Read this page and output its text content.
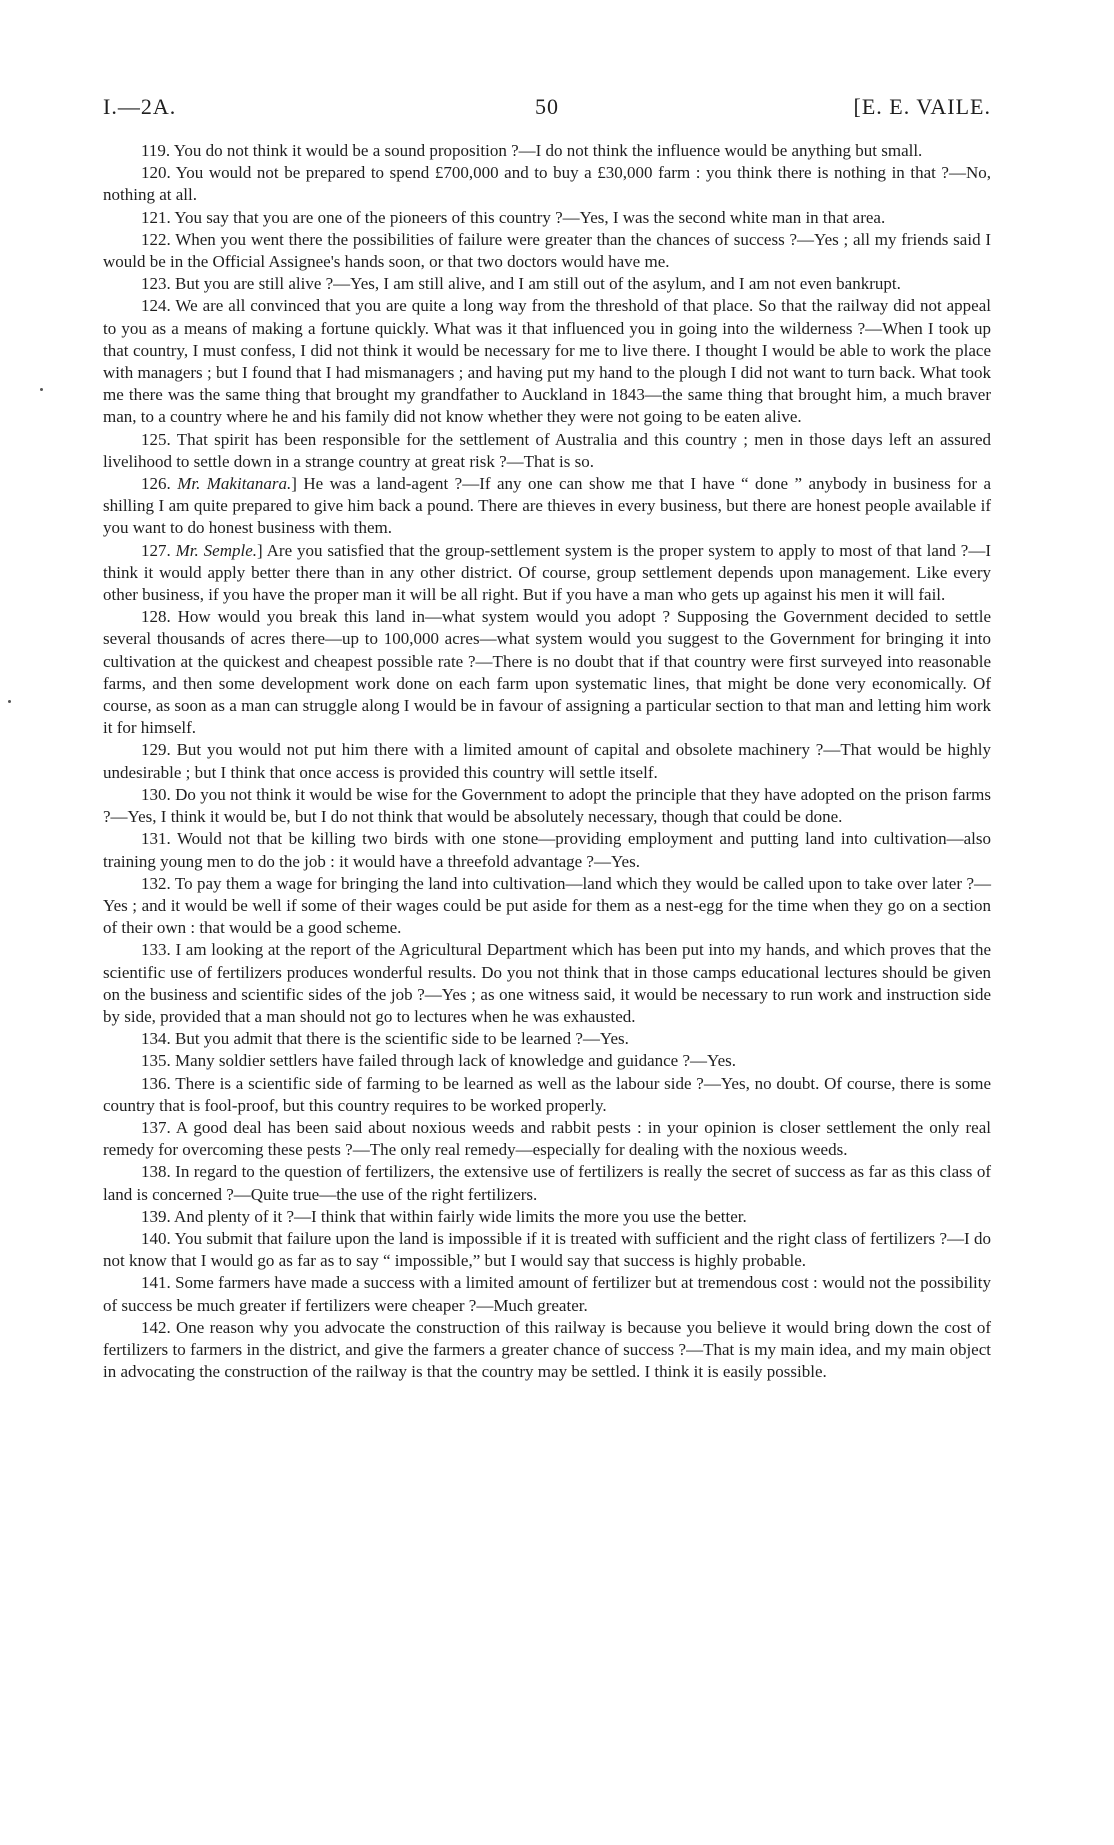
I.—2A.	50	[E. E. VAILE.

119. You do not think it would be a sound proposition ?—I do not think the influence would be anything but small.

120. You would not be prepared to spend £700,000 and to buy a £30,000 farm : you think there is nothing in that ?—No, nothing at all.

121. You say that you are one of the pioneers of this country ?—Yes, I was the second white man in that area.

122. When you went there the possibilities of failure were greater than the chances of success ?—Yes ; all my friends said I would be in the Official Assignee's hands soon, or that two doctors would have me.

123. But you are still alive ?—Yes, I am still alive, and I am still out of the asylum, and I am not even bankrupt.

124. We are all convinced that you are quite a long way from the threshold of that place. So that the railway did not appeal to you as a means of making a fortune quickly. What was it that influenced you in going into the wilderness ?—When I took up that country, I must confess, I did not think it would be necessary for me to live there. I thought I would be able to work the place with managers ; but I found that I had mismanagers ; and having put my hand to the plough I did not want to turn back. What took me there was the same thing that brought my grandfather to Auckland in 1843—the same thing that brought him, a much braver man, to a country where he and his family did not know whether they were not going to be eaten alive.

125. That spirit has been responsible for the settlement of Australia and this country ; men in those days left an assured livelihood to settle down in a strange country at great risk ?—That is so.

126. Mr. Makitanara.] He was a land-agent ?—If any one can show me that I have “ done ” anybody in business for a shilling I am quite prepared to give him back a pound. There are thieves in every business, but there are honest people available if you want to do honest business with them.

127. Mr. Semple.] Are you satisfied that the group-settlement system is the proper system to apply to most of that land ?—I think it would apply better there than in any other district. Of course, group settlement depends upon management. Like every other business, if you have the proper man it will be all right. But if you have a man who gets up against his men it will fail.

128. How would you break this land in—what system would you adopt ? Supposing the Government decided to settle several thousands of acres there—up to 100,000 acres—what system would you suggest to the Government for bringing it into cultivation at the quickest and cheapest possible rate ?—There is no doubt that if that country were first surveyed into reasonable farms, and then some development work done on each farm upon systematic lines, that might be done very economically. Of course, as soon as a man can struggle along I would be in favour of assigning a particular section to that man and letting him work it for himself.

129. But you would not put him there with a limited amount of capital and obsolete machinery ?—That would be highly undesirable ; but I think that once access is provided this country will settle itself.

130. Do you not think it would be wise for the Government to adopt the principle that they have adopted on the prison farms ?—Yes, I think it would be, but I do not think that would be absolutely necessary, though that could be done.

131. Would not that be killing two birds with one stone—providing employment and putting land into cultivation—also training young men to do the job : it would have a threefold advantage ?—Yes.

132. To pay them a wage for bringing the land into cultivation—land which they would be called upon to take over later ?—Yes ; and it would be well if some of their wages could be put aside for them as a nest-egg for the time when they go on a section of their own : that would be a good scheme.

133. I am looking at the report of the Agricultural Department which has been put into my hands, and which proves that the scientific use of fertilizers produces wonderful results. Do you not think that in those camps educational lectures should be given on the business and scientific sides of the job ?—Yes ; as one witness said, it would be necessary to run work and instruction side by side, provided that a man should not go to lectures when he was exhausted.

134. But you admit that there is the scientific side to be learned ?—Yes.

135. Many soldier settlers have failed through lack of knowledge and guidance ?—Yes.

136. There is a scientific side of farming to be learned as well as the labour side ?—Yes, no doubt. Of course, there is some country that is fool-proof, but this country requires to be worked properly.

137. A good deal has been said about noxious weeds and rabbit pests : in your opinion is closer settlement the only real remedy for overcoming these pests ?—The only real remedy—especially for dealing with the noxious weeds.

138. In regard to the question of fertilizers, the extensive use of fertilizers is really the secret of success as far as this class of land is concerned ?—Quite true—the use of the right fertilizers.

139. And plenty of it ?—I think that within fairly wide limits the more you use the better.

140. You submit that failure upon the land is impossible if it is treated with sufficient and the right class of fertilizers ?—I do not know that I would go as far as to say “ impossible,” but I would say that success is highly probable.

141. Some farmers have made a success with a limited amount of fertilizer but at tremendous cost : would not the possibility of success be much greater if fertilizers were cheaper ?—Much greater.

142. One reason why you advocate the construction of this railway is because you believe it would bring down the cost of fertilizers to farmers in the district, and give the farmers a greater chance of success ?—That is my main idea, and my main object in advocating the construction of the railway is that the country may be settled. I think it is easily possible.
